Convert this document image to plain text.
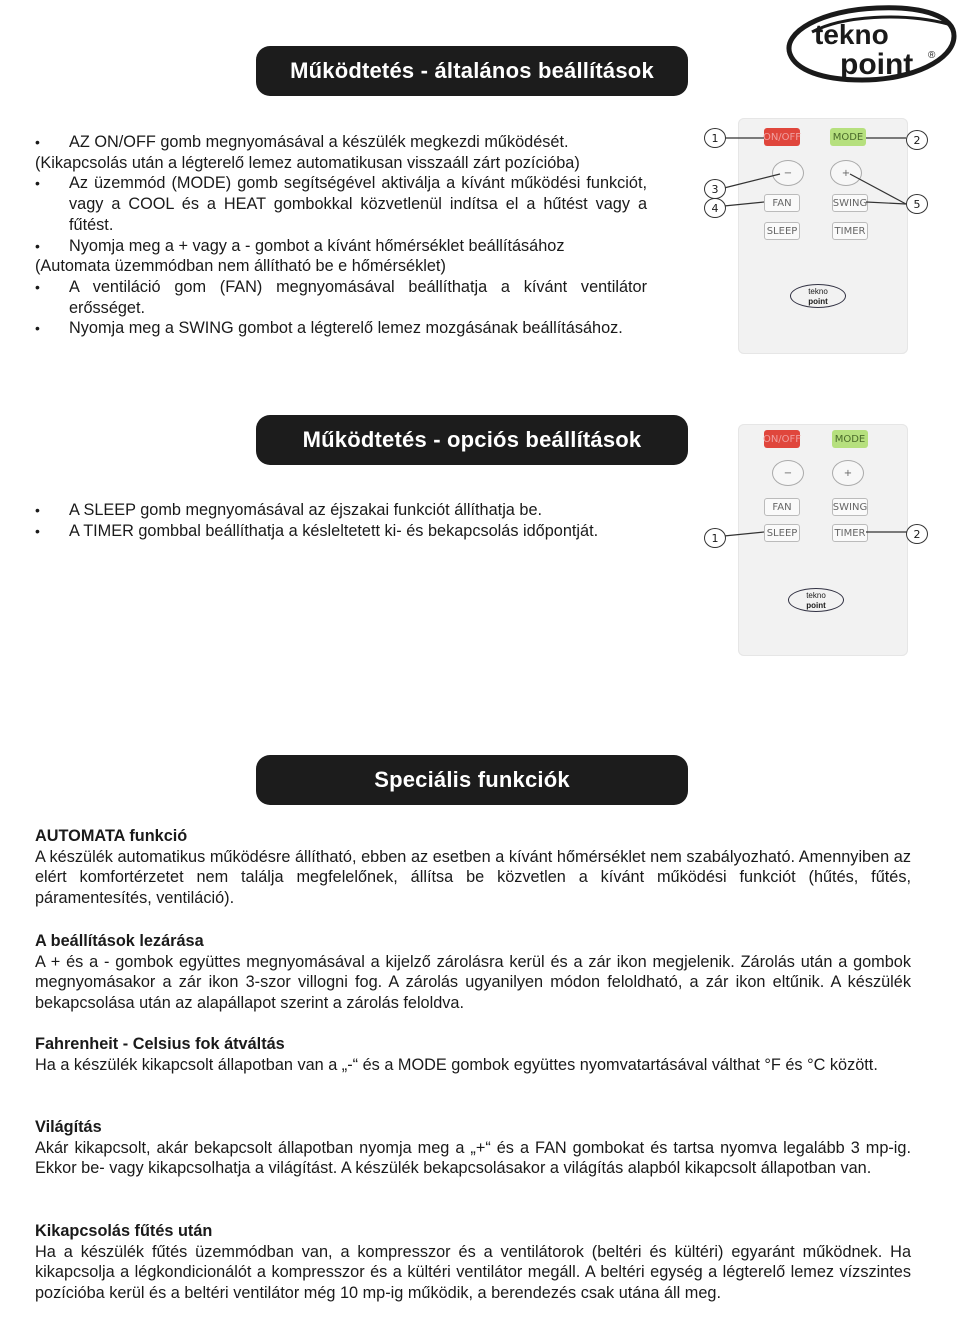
tekno
point ®
Működtetés - általános beállítások

• AZ ON/OFF gomb megnyomásával a készülék megkezdi működését.

(Kikapcsolás után a légterelő lemez automatikusan visszaáll zárt pozícióba)

• Az üzemmód (MODE) gomb segítségével aktiválja a kívánt működési funkciót, vagy a COOL és a HEAT gombokkal közvetlenül indítsa el a hűtést vagy a fűtést.

• Nyomja meg a + vagy a - gombot a kívánt hőmérséklet beállításához

(Automata üzemmódban nem állítható be e hőmérséklet)

• A ventiláció gom (FAN) megnyomásával beállíthatja a kívánt ventilátor erősséget.

• Nyomja meg a SWING gombot a légterelő lemez mozgásának beállításához.

ON/OFF	MODE
−	+
FAN	SWING
SLEEP	TIMER
tekno
point
1	2
3
4	5
Működtetés - opciós beállítások

• A SLEEP gomb megnyomásával az éjszakai funkciót állíthatja be.

• A TIMER gombbal beállíthatja a késleltetett ki- és bekapcsolás időpontját.

ON/OFF	MODE
−	+
FAN	SWING
SLEEP	TIMER
tekno
point
1	2
Speciális funkciók
AUTOMATA funkció

A készülék automatikus működésre állítható, ebben az esetben a kívánt hőmérséklet nem szabályozható. Amennyiben az elért komfortérzetet nem találja megfelelőnek, állítsa be közvetlen a kívánt működési funkciót (hűtés, fűtés, páramentesítés, ventiláció).

A beállítások lezárása

A + és a - gombok együttes megnyomásával a kijelző zárolásra kerül és a zár ikon megjelenik. Zárolás után a gombok megnyomásakor a zár ikon 3-szor villogni fog. A zárolás ugyanilyen módon feloldható, a zár ikon eltűnik. A készülék bekapcsolása után az alapállapot szerint a zárolás feloldva.

Fahrenheit - Celsius fok átváltás

Ha a készülék kikapcsolt állapotban van a „-“ és a MODE gombok együttes nyomvatartásával válthat °F és °C között.

Világítás

Akár kikapcsolt, akár bekapcsolt állapotban nyomja meg a „+“ és a FAN gombokat és tartsa nyomva legalább 3 mp-ig. Ekkor be- vagy kikapcsolhatja a világítást. A készülék bekapcsolásakor a világítás alapból kikapcsolt állapotban van.

Kikapcsolás fűtés után

Ha a készülék fűtés üzemmódban van, a kompresszor és a ventilátorok (beltéri és kültéri) egyaránt működnek. Ha kikapcsolja a légkondicionálót a kompresszor és a kültéri ventilátor megáll. A beltéri egység a légterelő lemez vízszintes pozícióba kerül és a beltéri ventilátor még 10 mp-ig működik, a berendezés csak utána áll meg.
